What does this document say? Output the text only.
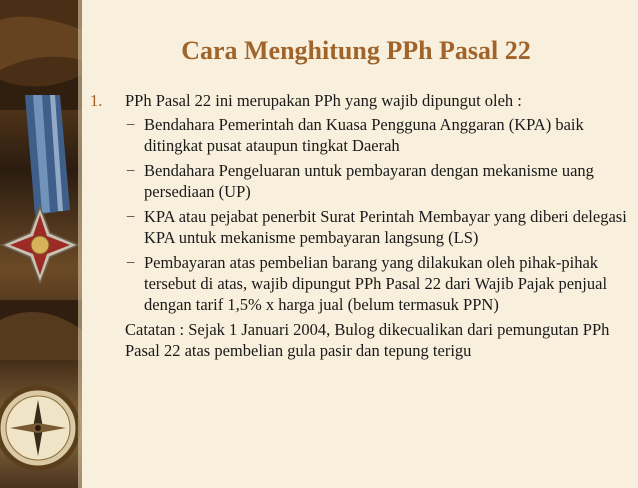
Cara Menghitung PPh Pasal 22
1. PPh Pasal 22 ini merupakan PPh yang wajib dipungut oleh :
− Bendahara Pemerintah dan Kuasa Pengguna Anggaran (KPA) baik ditingkat pusat ataupun tingkat Daerah
− Bendahara Pengeluaran untuk pembayaran dengan mekanisme uang persediaan (UP)
− KPA atau pejabat penerbit Surat Perintah Membayar yang diberi delegasi KPA untuk mekanisme pembayaran langsung (LS)
− Pembayaran atas pembelian barang yang dilakukan oleh pihak-pihak tersebut di atas, wajib dipungut PPh Pasal 22 dari Wajib Pajak penjual dengan tarif 1,5% x harga jual (belum termasuk PPN)
Catatan : Sejak 1 Januari 2004, Bulog dikecualikan dari pemungutan PPh Pasal 22 atas pembelian gula pasir dan tepung terigu
